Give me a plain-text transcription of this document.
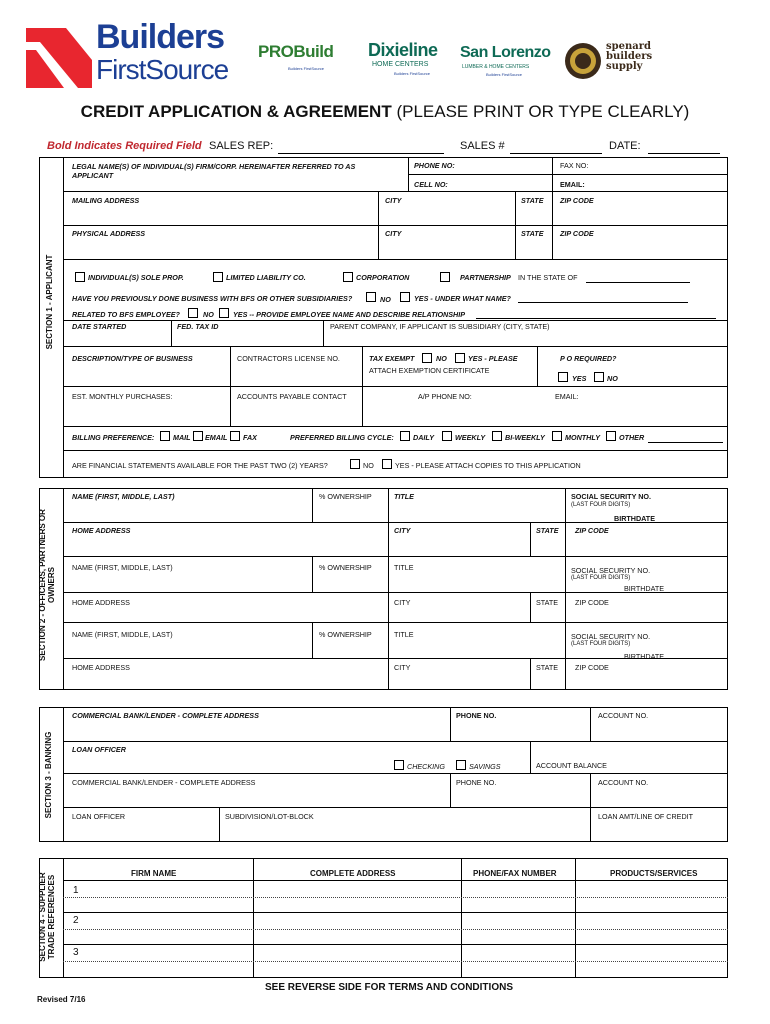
Builders
FirstSource
PROBuild
Builders FirstSource
Dixieline
HOME CENTERS
Builders FirstSource
San Lorenzo
LUMBER & HOME CENTERS
Builders FirstSource
spenard
builders
supply
CREDIT APPLICATION & AGREEMENT (PLEASE PRINT OR TYPE CLEARLY)
Bold Indicates Required Field SALES REP:	SALES #	DATE:
SECTION 1 - APPLICANT
LEGAL NAME(S) OF INDIVIDUAL(S) FIRM/CORP. HEREINAFTER REFERRED TO AS APPLICANT
PHONE NO:	FAX NO:
CELL NO:	EMAIL:
MAILING ADDRESS	CITY	STATE ZIP CODE
PHYSICAL ADDRESS	CITY	STATE ZIP CODE
INDIVIDUAL(S) SOLE PROP.	LIMITED LIABILITY CO.	CORPORATION	PARTNERSHIP IN THE STATE OF
HAVE YOU PREVIOUSLY DONE BUSINESS WITH BFS OR OTHER SUBSIDIARIES?	NO	YES - UNDER WHAT NAME?
RELATED TO BFS EMPLOYEE?	NO	YES -- PROVIDE EMPLOYEE NAME AND DESCRIBE RELATIONSHIP
DATE STARTED	FED. TAX ID	PARENT COMPANY, IF APPLICANT IS SUBSIDIARY (CITY, STATE)
DESCRIPTION/TYPE OF BUSINESS	CONTRACTORS LICENSE NO.	TAX EXEMPT	NO	YES - PLEASE
ATTACH EXEMPTION CERTIFICATE
P O REQUIRED?
YES	NO
EST. MONTHLY PURCHASES:	ACCOUNTS PAYABLE CONTACT	A/P PHONE NO:	EMAIL:
BILLING PREFERENCE:	MAIL EMAIL FAX	PREFERRED BILLING CYCLE:	DAILY	WEEKLY	BI-WEEKLY	MONTHLY	OTHER
ARE FINANCIAL STATEMENTS AVAILABLE FOR THE PAST TWO (2) YEARS?	NO	YES - PLEASE ATTACH COPIES TO THIS APPLICATION
SECTION 2 - OFFICERS, PARTNERS OR OWNERS
NAME (FIRST, MIDDLE, LAST)	% OWNERSHIP	TITLE	SOCIAL SECURITY NO.
(LAST FOUR DIGITS)
BIRTHDATE
HOME ADDRESS	CITY	STATE ZIP CODE
NAME (FIRST, MIDDLE, LAST)	% OWNERSHIP	TITLE	SOCIAL SECURITY NO.
(LAST FOUR DIGITS)
BIRTHDATE
HOME ADDRESS	CITY	STATE ZIP CODE
NAME (FIRST, MIDDLE, LAST)	% OWNERSHIP	TITLE	SOCIAL SECURITY NO.
(LAST FOUR DIGITS)
BIRTHDATE
HOME ADDRESS	CITY	STATE ZIP CODE
SECTION 3 - BANKING
COMMERCIAL BANK/LENDER - COMPLETE ADDRESS	PHONE NO.	ACCOUNT NO.
LOAN OFFICER
CHECKING	SAVINGS	ACCOUNT BALANCE
COMMERCIAL BANK/LENDER - COMPLETE ADDRESS	PHONE NO.	ACCOUNT NO.
LOAN OFFICER	SUBDIVISION/LOT-BLOCK	LOAN AMT/LINE OF CREDIT
SECTION 4 - SUPPLIER TRADE REFERENCES
FIRM NAME	COMPLETE ADDRESS	PHONE/FAX NUMBER	PRODUCTS/SERVICES
1
2
3
SEE REVERSE SIDE FOR TERMS AND CONDITIONS
Revised 7/16
